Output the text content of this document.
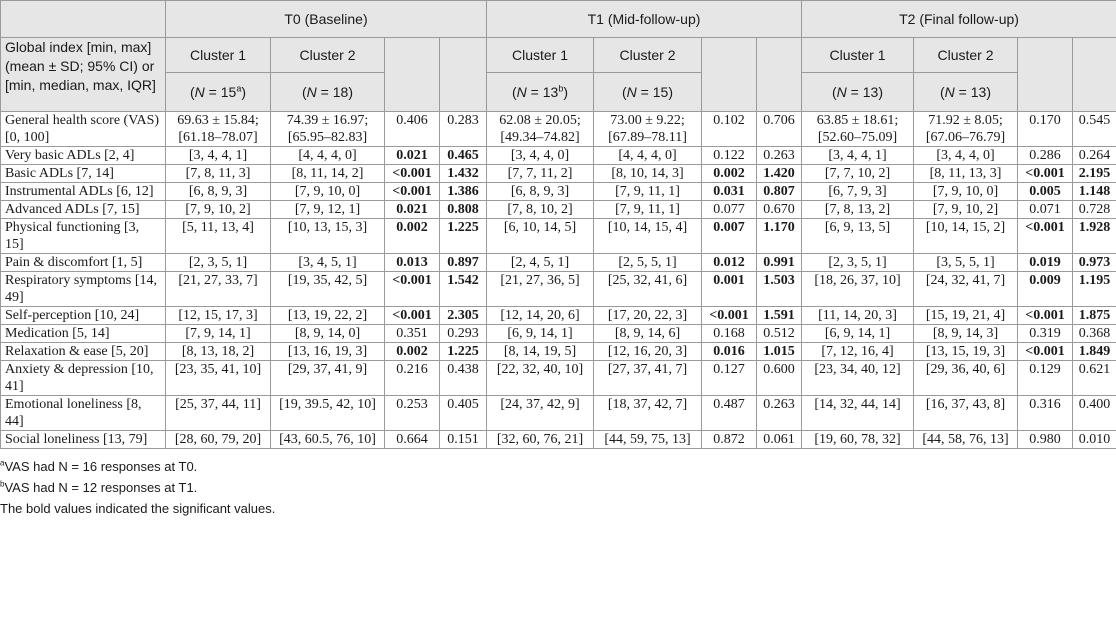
	T0 (Baseline)				T1 (Mid-follow-up)				T2 (Final follow-up)			
Global index [min, max] (mean ± SD; 95% CI) or [min, median, max, IQR]	Cluster 1	Cluster 2			Cluster 1	Cluster 2			Cluster 1	Cluster 2		
	$(N = 15^a)$	(N = 18)			$(N = 13^b)$	(N = 15)			(N = 13)	(N = 13)		
General health score (VAS) [0, 100]	69.63 ± 15.84; [61.18–78.07]	74.39 ± 16.97; [65.95–82.83]	0.406	0.283	62.08 ± 20.05; [49.34–74.82]	73.00 ± 9.22; [67.89–78.11]	0.102	0.706	63.85 ± 18.61; [52.60–75.09]	71.92 ± 8.05; [67.06–76.79]	0.170	0.545
Very basic ADLs [2, 4]	[3, 4, 4, 1]	[4, 4, 4, 0]	0.021	0.465	[3, 4, 4, 0]	[4, 4, 4, 0]	0.122	0.263	[3, 4, 4, 1]	[3, 4, 4, 0]	0.286	0.264
Basic ADLs [7, 14]	[7, 8, 11, 3]	[8, 11, 14, 2]	<0.001	1.432	[7, 7, 11, 2]	[8, 10, 14, 3]	0.002	1.420	[7, 7, 10, 2]	[8, 11, 13, 3]	<0.001	2.195
Instrumental ADLs [6, 12]	[6, 8, 9, 3]	[7, 9, 10, 0]	<0.001	1.386	[6, 8, 9, 3]	[7, 9, 11, 1]	0.031	0.807	[6, 7, 9, 3]	[7, 9, 10, 0]	0.005	1.148
Advanced ADLs [7, 15]	[7, 9, 10, 2]	[7, 9, 12, 1]	0.021	0.808	[7, 8, 10, 2]	[7, 9, 11, 1]	0.077	0.670	[7, 8, 13, 2]	[7, 9, 10, 2]	0.071	0.728
Physical functioning [3, 15]	[5, 11, 13, 4]	[10, 13, 15, 3]	0.002	1.225	[6, 10, 14, 5]	[10, 14, 15, 4]	0.007	1.170	[6, 9, 13, 5]	[10, 14, 15, 2]	<0.001	1.928
Pain & discomfort [1, 5]	[2, 3, 5, 1]	[3, 4, 5, 1]	0.013	0.897	[2, 4, 5, 1]	[2, 5, 5, 1]	0.012	0.991	[2, 3, 5, 1]	[3, 5, 5, 1]	0.019	0.973
Respiratory symptoms [14, 49]	[21, 27, 33, 7]	[19, 35, 42, 5]	<0.001	1.542	[21, 27, 36, 5]	[25, 32, 41, 6]	0.001	1.503	[18, 26, 37, 10]	[24, 32, 41, 7]	0.009	1.195
Self-perception [10, 24]	[12, 15, 17, 3]	[13, 19, 22, 2]	<0.001	2.305	[12, 14, 20, 6]	[17, 20, 22, 3]	<0.001	1.591	[11, 14, 20, 3]	[15, 19, 21, 4]	<0.001	1.875
Medication [5, 14]	[7, 9, 14, 1]	[8, 9, 14, 0]	0.351	0.293	[6, 9, 14, 1]	[8, 9, 14, 6]	0.168	0.512	[6, 9, 14, 1]	[8, 9, 14, 3]	0.319	0.368
Relaxation & ease [5, 20]	[8, 13, 18, 2]	[13, 16, 19, 3]	0.002	1.225	[8, 14, 19, 5]	[12, 16, 20, 3]	0.016	1.015	[7, 12, 16, 4]	[13, 15, 19, 3]	<0.001	1.849
Anxiety & depression [10, 41]	[23, 35, 41, 10]	[29, 37, 41, 9]	0.216	0.438	[22, 32, 40, 10]	[27, 37, 41, 7]	0.127	0.600	[23, 34, 40, 12]	[29, 36, 40, 6]	0.129	0.621
Emotional loneliness [8, 44]	[25, 37, 44, 11]	[19, 39.5, 42, 10]	0.253	0.405	[24, 37, 42, 9]	[18, 37, 42, 7]	0.487	0.263	[14, 32, 44, 14]	[16, 37, 43, 8]	0.316	0.400
Social loneliness [13, 79]	[28, 60, 79, 20]	[43, 60.5, 76, 10]	0.664	0.151	[32, 60, 76, 21]	[44, 59, 75, 13]	0.872	0.061	[19, 60, 78, 32]	[44, 58, 76, 13]	0.980	0.010
$^a$VAS had N = 16 responses at T0.
$^b$VAS had N = 12 responses at T1.
The bold values indicated the significant values.
